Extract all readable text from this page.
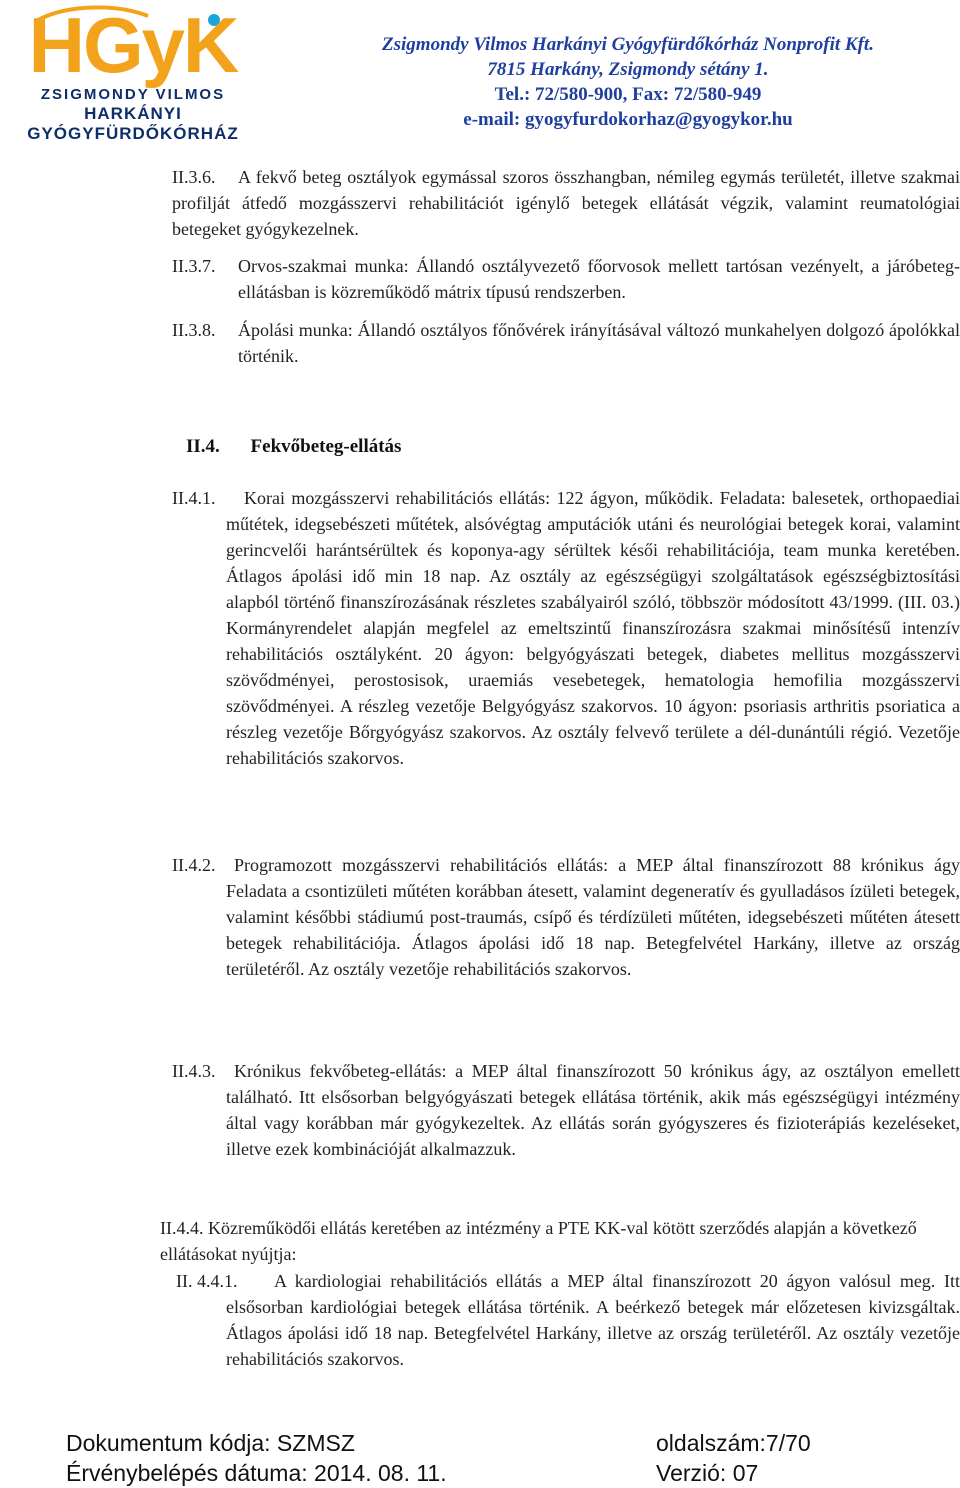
HGyK
ZSIGMONDY VILMOS
HARKÁNYI GYÓGYFÜRDŐKÓRHÁZ
Zsigmondy Vilmos Harkányi Gyógyfürdőkórház Nonprofit Kft.
7815 Harkány, Zsigmondy sétány 1.
Tel.: 72/580-900, Fax: 72/580-949
e-mail: gyogyfurdokorhaz@gyogykor.hu
II.3.6.	A fekvő beteg osztályok egymással szoros összhangban, némileg egymás területét, illetve szakmai profilját átfedő mozgásszervi rehabilitációt igénylő betegek ellátását végzik, valamint reumatológiai betegeket gyógykezelnek.
II.3.7.	Orvos-szakmai munka: Állandó osztályvezető főorvosok mellett tartósan vezényelt, a járóbeteg-ellátásban is közreműködő mátrix típusú rendszerben.
II.3.8.	Ápolási munka: Állandó osztályos főnővérek irányításával változó munkahelyen dolgozó ápolókkal történik.
II.4. Fekvőbeteg-ellátás
II.4.1.	Korai mozgásszervi rehabilitációs ellátás: 122 ágyon, működik. Feladata: balesetek, orthopaediai műtétek, idegsebészeti műtétek, alsóvégtag amputációk utáni és neurológiai betegek korai, valamint gerincvelői harántsérültek és koponya-agy sérültek késői rehabilitációja, team munka keretében. Átlagos ápolási idő min 18 nap. Az osztály az egészségügyi szolgáltatások egészségbiztosítási alapból történő finanszírozásának részletes szabályairól szóló, többször módosított 43/1999. (III. 03.) Kormányrendelet alapján megfelel az emeltszintű finanszírozásra szakmai minősítésű intenzív rehabilitációs osztályként. 20 ágyon: belgyógyászati betegek, diabetes mellitus mozgásszervi szövődményei, perostosisok, uraemiás vesebetegek, hematologia hemofilia mozgásszervi szövődményei. A részleg vezetője Belgyógyász szakorvos. 10 ágyon: psoriasis arthritis psoriatica a részleg vezetője Bőrgyógyász szakorvos. Az osztály felvevő területe a dél-dunántúli régió. Vezetője rehabilitációs szakorvos.
II.4.2.	Programozott mozgásszervi rehabilitációs ellátás: a MEP által finanszírozott 88 krónikus ágy Feladata a csontizületi műtéten korábban átesett, valamint degeneratív és gyulladásos ízületi betegek, valamint későbbi stádiumú post-traumás, csípő és térdízületi műtéten, idegsebészeti műtéten átesett betegek rehabilitációja. Átlagos ápolási idő 18 nap. Betegfelvétel Harkány, illetve az ország területéről. Az osztály vezetője rehabilitációs szakorvos.
II.4.3.	Krónikus fekvőbeteg-ellátás: a MEP által finanszírozott 50 krónikus ágy, az osztályon emellett található. Itt elsősorban belgyógyászati betegek ellátása történik, akik más egészségügyi intézmény által vagy korábban már gyógykezeltek. Az ellátás során gyógyszeres és fizioterápiás kezeléseket, illetve ezek kombinációját alkalmazzuk.
II.4.4. Közreműködői ellátás keretében az intézmény a PTE KK-val kötött szerződés alapján a következő ellátásokat nyújtja:
II. 4.4.1.	A kardiologiai rehabilitációs ellátás a MEP által finanszírozott 20 ágyon valósul meg. Itt elsősorban kardiológiai betegek ellátása történik. A beérkező betegek már előzetesen kivizsgáltak. Átlagos ápolási idő 18 nap. Betegfelvétel Harkány, illetve az ország területéről. Az osztály vezetője rehabilitációs szakorvos.
Dokumentum kódja: SZMSZ	oldalszám:7/70
Érvénybelépés dátuma: 2014. 08. 11.	Verzió: 07
